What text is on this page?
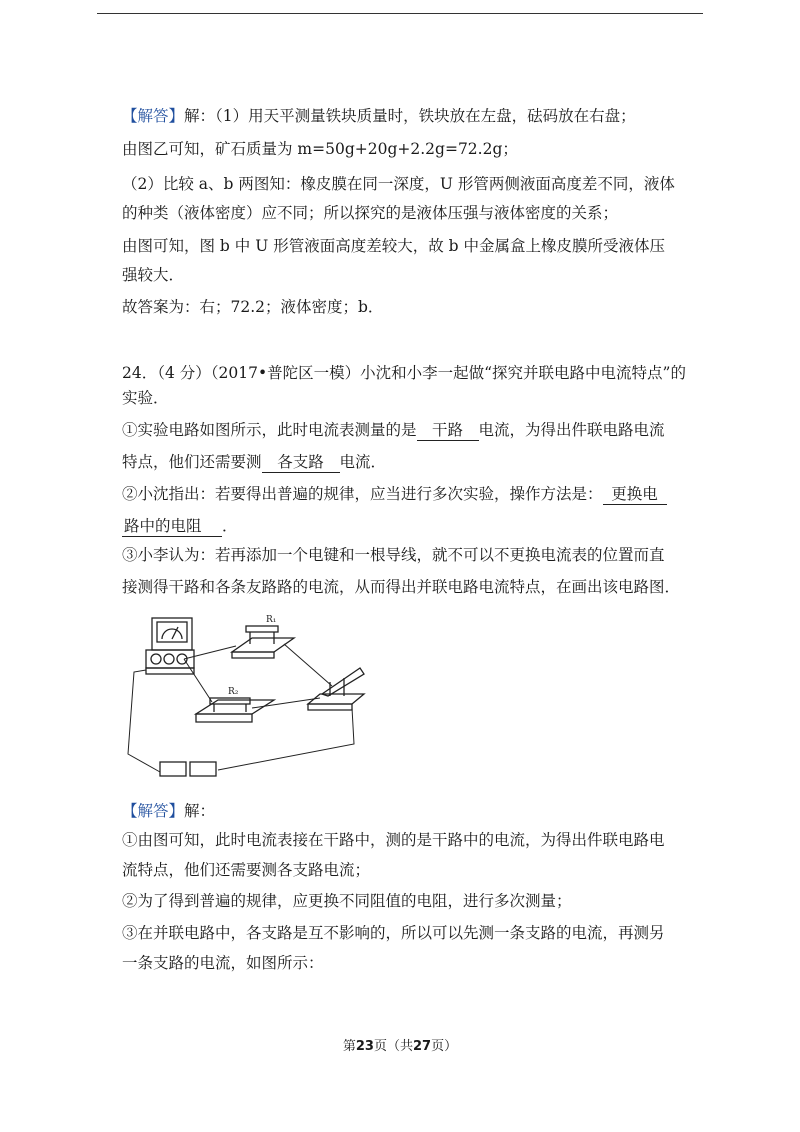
【解答】解：（1）用天平测量铁块质量时，铁块放在左盘，砝码放在右盘；
由图乙可知，矿石质量为 m=50g+20g+2.2g=72.2g；
（2）比较 a、b 两图知：橡皮膜在同一深度，U 形管两侧液面高度差不同，液体
的种类（液体密度）应不同；所以探究的是液体压强与液体密度的关系；
由图可知，图 b 中 U 形管液面高度差较大，故 b 中金属盒上橡皮膜所受液体压
强较大．
故答案为：右；72.2；液体密度；b．
24．（4 分）（2017•普陀区一模）小沈和小李一起做“探究并联电路中电流特点”的
实验．
①实验电路如图所示，此时电流表测量的是 干路 电流，为得出件联电路电流
特点，他们还需要测 各支路 电流．
②小沈指出：若要得出普遍的规律，应当进行多次实验，操作方法是： 更换电
路中的电阻 ．
③小李认为：若再添加一个电键和一根导线，就不可以不更换电流表的位置而直
接测得干路和各条友路路的电流，从而得出并联电路电流特点，在画出该电路图．
R₁
R₂
【解答】解：
①由图可知，此时电流表接在干路中，测的是干路中的电流，为得出件联电路电
流特点，他们还需要测各支路电流；
②为了得到普遍的规律，应更换不同阻值的电阻，进行多次测量；
③在并联电路中，各支路是互不影响的，所以可以先测一条支路的电流，再测另
一条支路的电流，如图所示：
第23页（共27页）
